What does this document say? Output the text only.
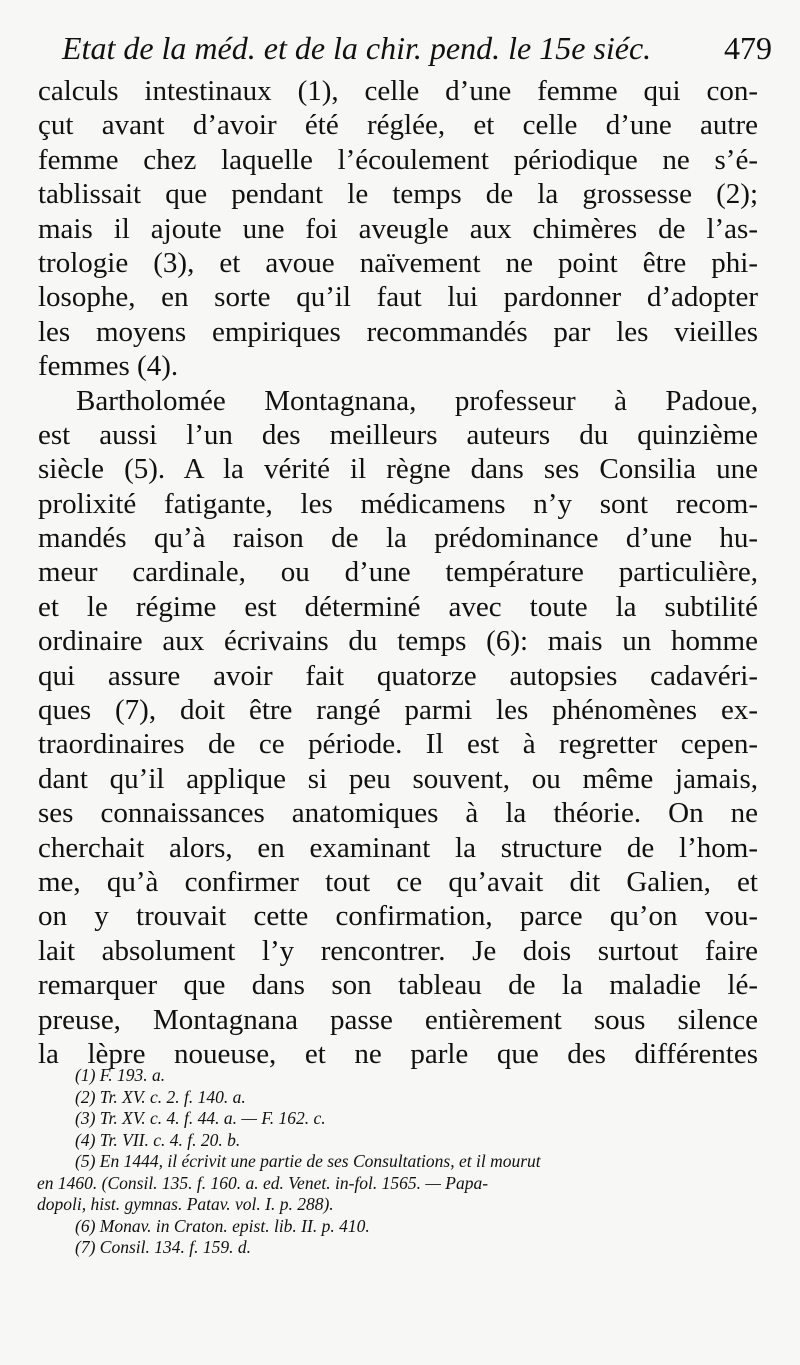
Etat de la méd. et de la chir. pend. le 15e siéc. 479
calculs intestinaux (1), celle d’une femme qui con-
çut avant d’avoir été réglée, et celle d’une autre
femme chez laquelle l’écoulement périodique ne s’é-
tablissait que pendant le temps de la grossesse (2);
mais il ajoute une foi aveugle aux chimères de l’as-
trologie (3), et avoue naïvement ne point être phi-
losophe, en sorte qu’il faut lui pardonner d’adopter
les moyens empiriques recommandés par les vieilles
femmes (4).
Bartholomée Montagnana, professeur à Padoue,
est aussi l’un des meilleurs auteurs du quinzième
siècle (5). A la vérité il règne dans ses Consilia une
prolixité fatigante, les médicamens n’y sont recom-
mandés qu’à raison de la prédominance d’une hu-
meur cardinale, ou d’une température particulière,
et le régime est déterminé avec toute la subtilité
ordinaire aux écrivains du temps (6): mais un homme
qui assure avoir fait quatorze autopsies cadavéri-
ques (7), doit être rangé parmi les phénomènes ex-
traordinaires de ce période. Il est à regretter cepen-
dant qu’il applique si peu souvent, ou même jamais,
ses connaissances anatomiques à la théorie. On ne
cherchait alors, en examinant la structure de l’hom-
me, qu’à confirmer tout ce qu’avait dit Galien, et
on y trouvait cette confirmation, parce qu’on vou-
lait absolument l’y rencontrer. Je dois surtout faire
remarquer que dans son tableau de la maladie lé-
preuse, Montagnana passe entièrement sous silence
la lèpre noueuse, et ne parle que des différentes
(1) F. 193. a.
(2) Tr. XV. c. 2. f. 140. a.
(3) Tr. XV. c. 4. f. 44. a. — F. 162. c.
(4) Tr. VII. c. 4. f. 20. b.
(5) En 1444, il écrivit une partie de ses Consultations, et il mourut
en 1460. (Consil. 135. f. 160. a. ed. Venet. in-fol. 1565. — Papa-
dopoli, hist. gymnas. Patav. vol. I. p. 288).
(6) Monav. in Craton. epist. lib. II. p. 410.
(7) Consil. 134. f. 159. d.
